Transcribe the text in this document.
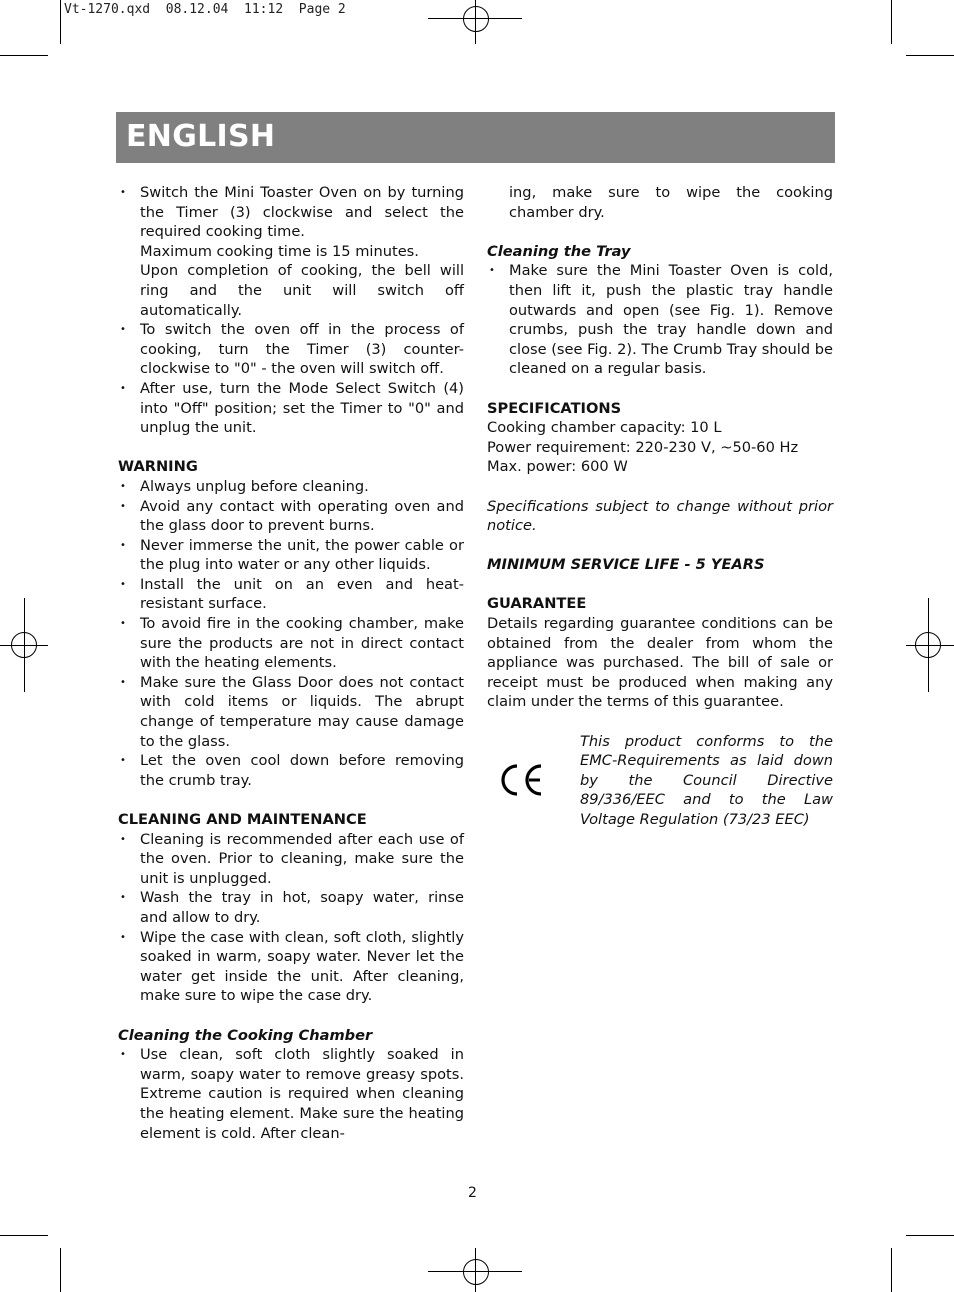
Vt-1270.qxd  08.12.04  11:12  Page 2
ENGLISH
• Switch the Mini Toaster Oven on by turning the Timer (3) clockwise and select the required cooking time.
Maximum cooking time is 15 minutes.
Upon completion of cooking, the bell will ring and the unit will switch off automatically.
• To switch the oven off in the process of cooking, turn the Timer (3) counter-clockwise to "0" - the oven will switch off.
• After use, turn the Mode Select Switch (4) into "Off" position; set the Timer to "0" and unplug the unit.

WARNING

• Always unplug before cleaning.
• Avoid any contact with operating oven and the glass door to prevent burns.
• Never immerse the unit, the power cable or the plug into water or any other liquids.
• Install the unit on an even and heat-resistant surface.
• To avoid fire in the cooking chamber, make sure the products are not in direct contact with the heating elements.
• Make sure the Glass Door does not contact with cold items or liquids. The abrupt change of temperature may cause damage to the glass.
• Let the oven cool down before removing the crumb tray.

CLEANING AND MAINTENANCE

• Cleaning is recommended after each use of the oven. Prior to cleaning, make sure the unit is unplugged.
• Wash the tray in hot, soapy water, rinse and allow to dry.
• Wipe the case with clean, soft cloth, slightly soaked in warm, soapy water. Never let the water get inside the unit. After cleaning, make sure to wipe the case dry.

Cleaning the Cooking Chamber

• Use clean, soft cloth slightly soaked in warm, soapy water to remove greasy spots. Extreme caution is required when cleaning the heating element. Make sure the heating element is cold. After clean-
ing, make sure to wipe the cooking chamber dry.

Cleaning the Tray

• Make sure the Mini Toaster Oven is cold, then lift it, push the plastic tray handle outwards and open (see Fig. 1). Remove crumbs, push the tray handle down and close (see Fig. 2). The Crumb Tray should be cleaned on a regular basis.

SPECIFICATIONS

Cooking chamber capacity: 10 L

Power requirement: 220-230 V, ~50-60 Hz

Max. power: 600 W

Specifications subject to change without prior notice.

MINIMUM SERVICE LIFE - 5 YEARS

GUARANTEE

Details regarding guarantee conditions can be obtained from the dealer from whom the appliance was purchased. The bill of sale or receipt must be produced when making any claim under the terms of this guarantee.

This product conforms to the EMC-Requirements as laid down by the Council Directive 89/336/EEC and to the Law Voltage Regulation (73/23 EEC)

2
